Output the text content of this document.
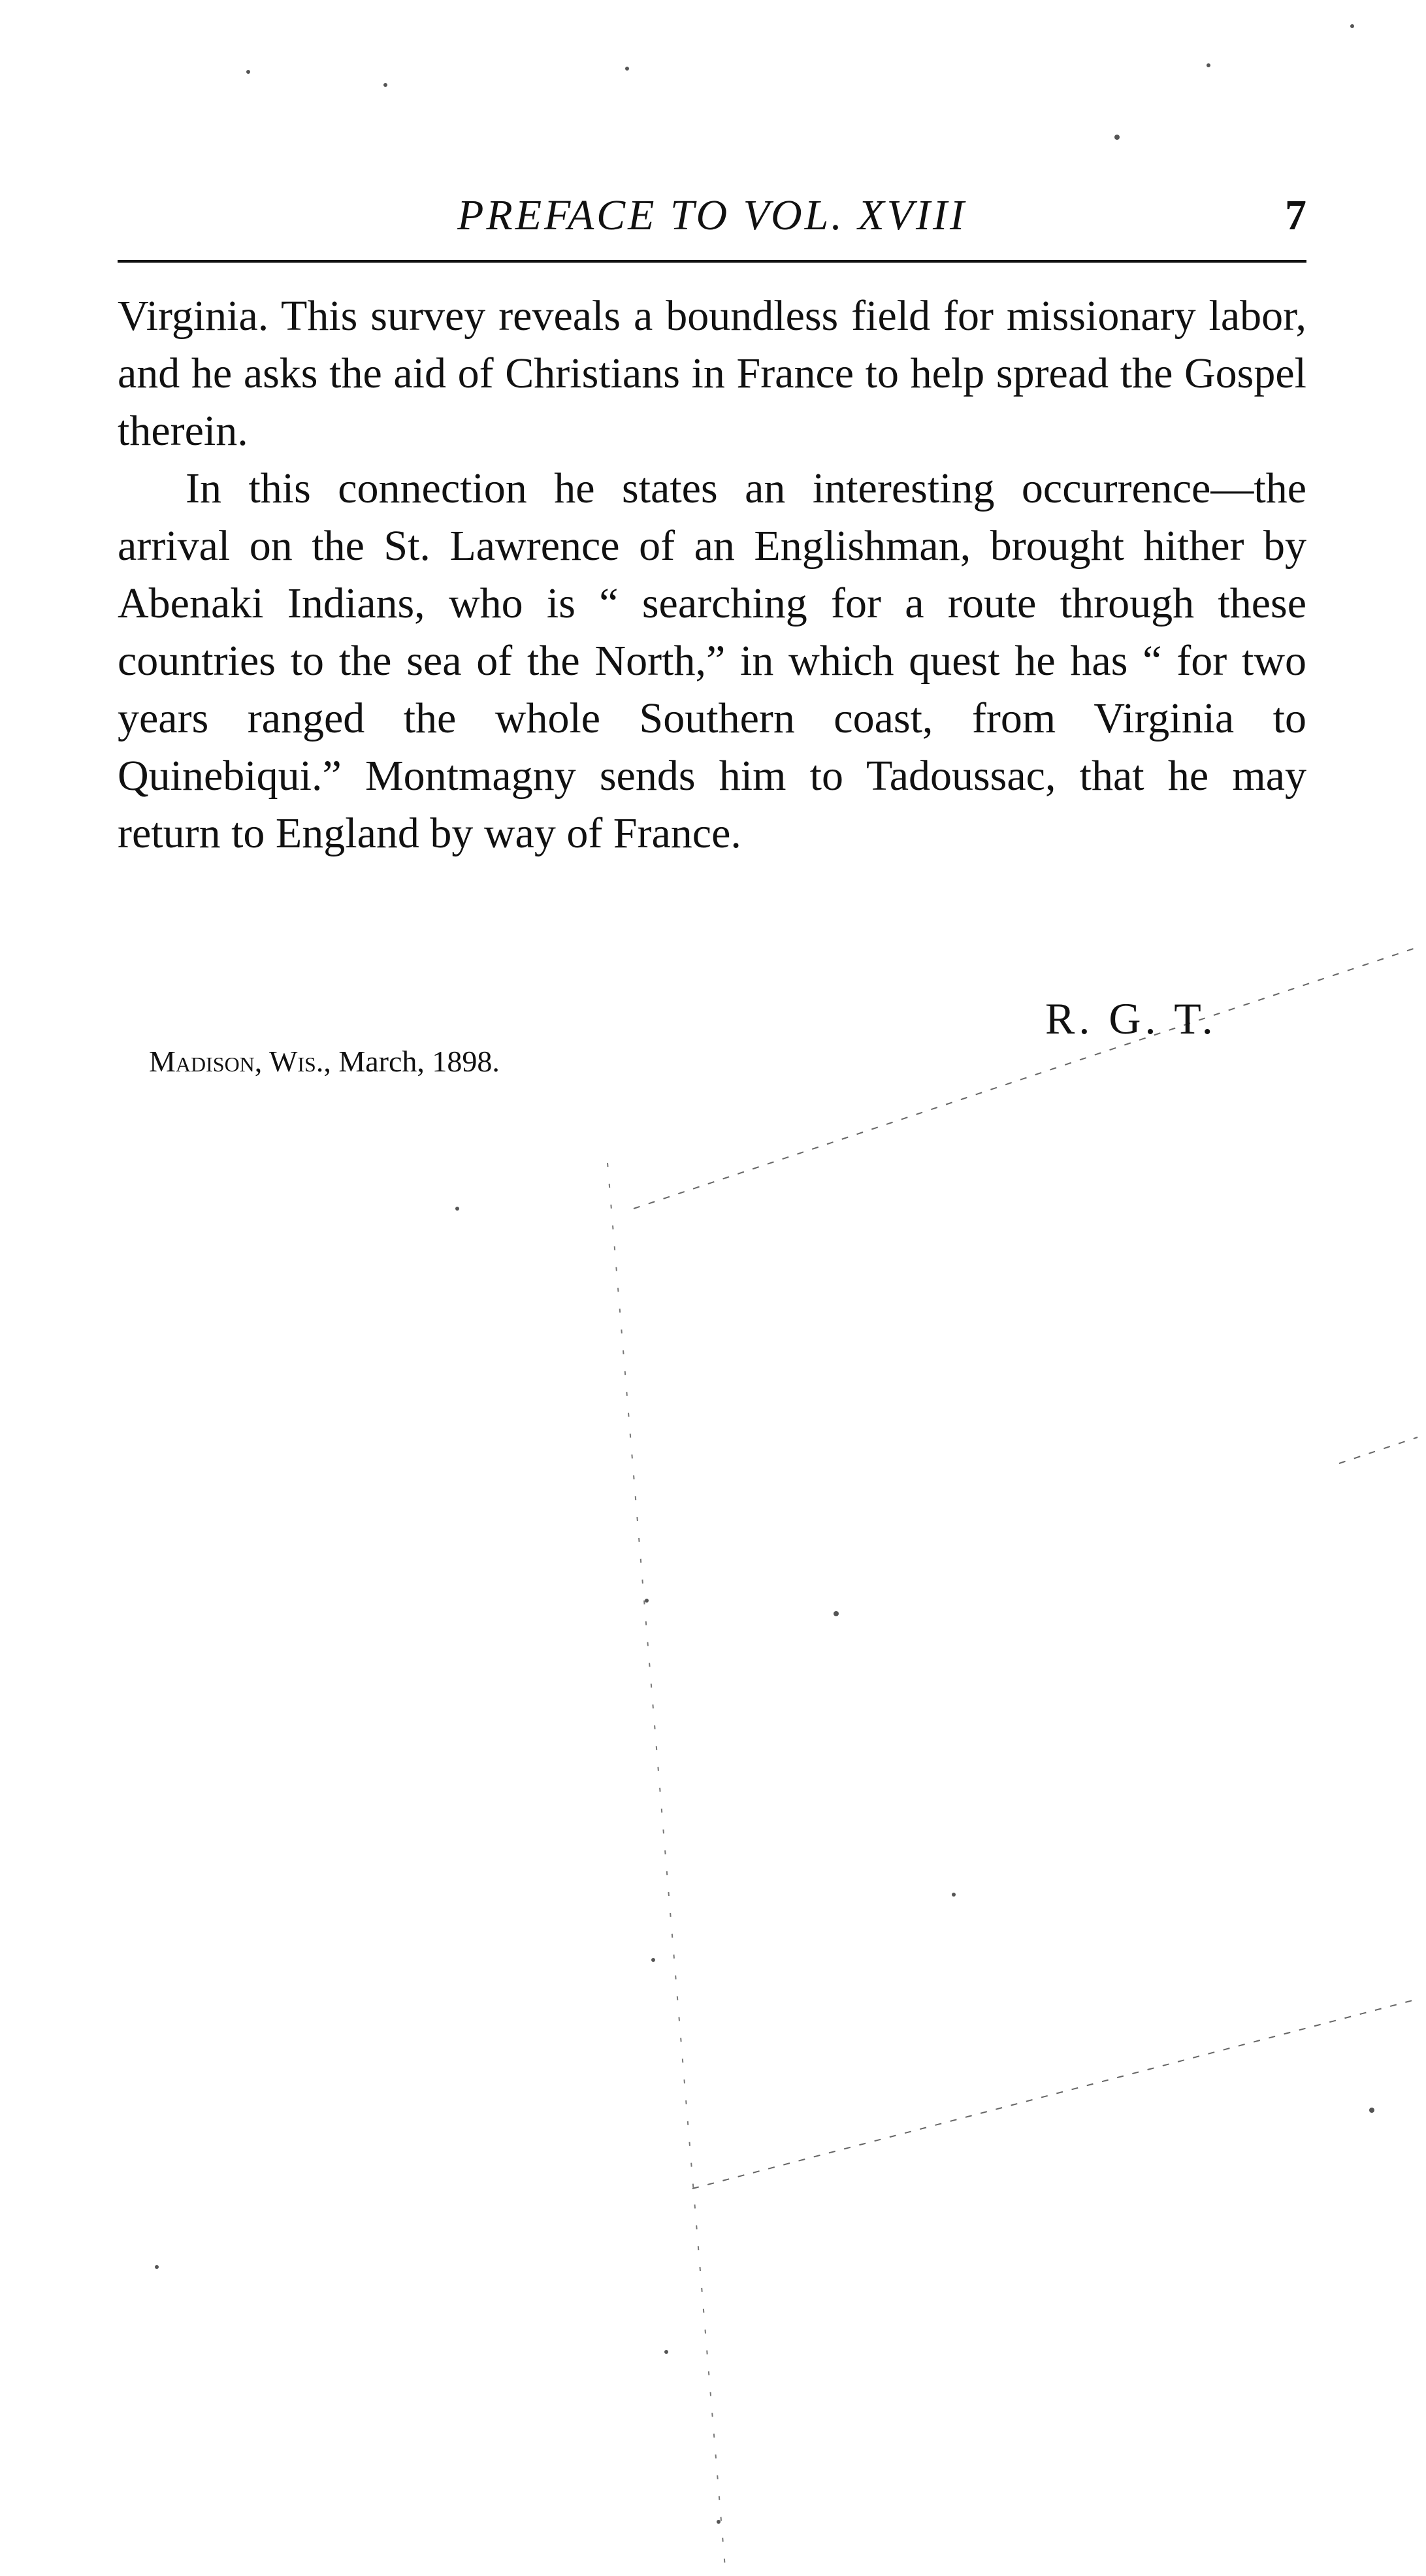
PREFACE TO VOL. XVIII	7

Virginia. This survey reveals a boundless field for missionary labor, and he asks the aid of Christians in France to help spread the Gospel therein.

In this connection he states an interesting occurrence—the arrival on the St. Lawrence of an Englishman, brought hither by Abenaki Indians, who is “ searching for a route through these countries to the sea of the North,” in which quest he has “ for two years ranged the whole Southern coast, from Virginia to Quinebiqui.” Montmagny sends him to Tadoussac, that he may return to England by way of France.

R. G. T.
Madison, Wis., March, 1898.
